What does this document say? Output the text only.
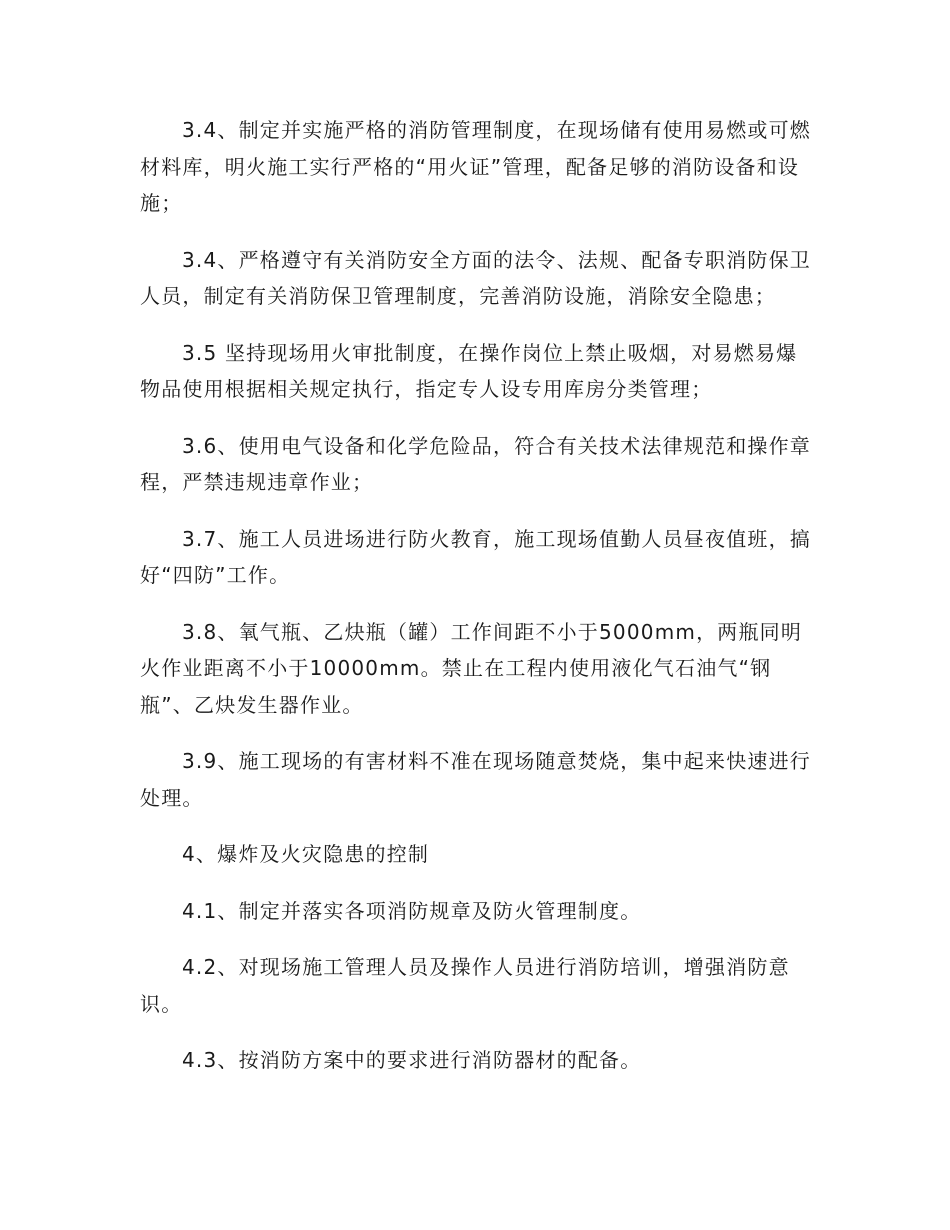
3.4、制定并实施严格的消防管理制度，在现场储有使用易燃或可燃材料库，明火施工实行严格的“用火证”管理，配备足够的消防设备和设施；

3.4、严格遵守有关消防安全方面的法令、法规、配备专职消防保卫人员，制定有关消防保卫管理制度，完善消防设施，消除安全隐患；

3.5 坚持现场用火审批制度，在操作岗位上禁止吸烟，对易燃易爆物品使用根据相关规定执行，指定专人设专用库房分类管理；

3.6、使用电气设备和化学危险品，符合有关技术法律规范和操作章程，严禁违规违章作业；

3.7、施工人员进场进行防火教育，施工现场值勤人员昼夜值班，搞好“四防”工作。

3.8、氧气瓶、乙炔瓶（罐）工作间距不小于5000mm，两瓶同明火作业距离不小于10000mm。禁止在工程内使用液化气石油气“钢瓶”、乙炔发生器作业。

3.9、施工现场的有害材料不准在现场随意焚烧，集中起来快速进行处理。

4、爆炸及火灾隐患的控制

4.1、制定并落实各项消防规章及防火管理制度。

4.2、对现场施工管理人员及操作人员进行消防培训，增强消防意识。

4.3、按消防方案中的要求进行消防器材的配备。
